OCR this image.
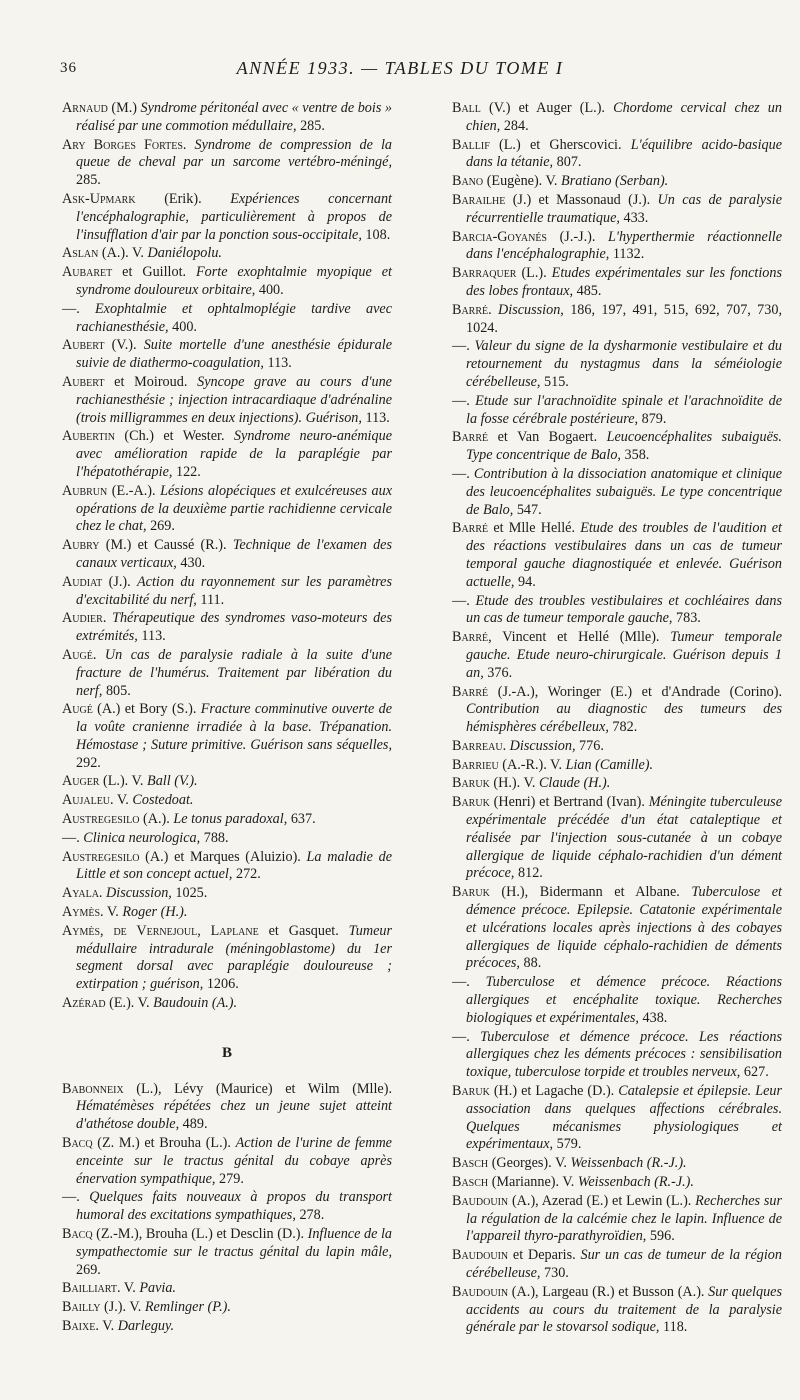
36	ANNÉE 1933. — TABLES DU TOME I

Arnaud (M.) Syndrome péritonéal avec « ventre de bois » réalisé par une commotion médullaire, 285.

Ary Borges Fortes. Syndrome de compression de la queue de cheval par un sarcome vertébro-méningé, 285.

Ask-Upmark (Erik). Expériences concernant l'encéphalographie, particulièrement à propos de l'insufflation d'air par la ponction sous-occipitale, 108.

Aslan (A.). V. Daniélopolu.

Aubaret et Guillot. Forte exophtalmie myopique et syndrome douloureux orbitaire, 400.

—. Exophtalmie et ophtalmoplégie tardive avec rachianesthésie, 400.

Aubert (V.). Suite mortelle d'une anesthésie épidurale suivie de diathermo-coagulation, 113.

Aubert et Moiroud. Syncope grave au cours d'une rachianesthésie ; injection intracardiaque d'adrénaline (trois milligrammes en deux injections). Guérison, 113.

Aubertin (Ch.) et Wester. Syndrome neuro-anémique avec amélioration rapide de la paraplégie par l'hépatothérapie, 122.

Aubrun (E.-A.). Lésions alopéciques et exulcéreuses aux opérations de la deuxième partie rachidienne cervicale chez le chat, 269.

Aubry (M.) et Caussé (R.). Technique de l'examen des canaux verticaux, 430.

Audiat (J.). Action du rayonnement sur les paramètres d'excitabilité du nerf, 111.

Audier. Thérapeutique des syndromes vaso-moteurs des extrémités, 113.

Augé. Un cas de paralysie radiale à la suite d'une fracture de l'humérus. Traitement par libération du nerf, 805.

Augé (A.) et Bory (S.). Fracture comminutive ouverte de la voûte cranienne irradiée à la base. Trépanation. Hémostase ; Suture primitive. Guérison sans séquelles, 292.

Auger (L.). V. Ball (V.).

Aujaleu. V. Costedoat.

Austregesilo (A.). Le tonus paradoxal, 637.

—. Clinica neurologica, 788.

Austregesilo (A.) et Marques (Aluizio). La maladie de Little et son concept actuel, 272.

Ayala. Discussion, 1025.

Aymès. V. Roger (H.).

Aymès, de Vernejoul, Laplane et Gasquet. Tumeur médullaire intradurale (méningoblastome) du 1er segment dorsal avec paraplégie douloureuse ; extirpation ; guérison, 1206.

Azérad (E.). V. Baudouin (A.).

B

Babonneix (L.), Lévy (Maurice) et Wilm (Mlle). Hématémèses répétées chez un jeune sujet atteint d'athétose double, 489.

Bacq (Z. M.) et Brouha (L.). Action de l'urine de femme enceinte sur le tractus génital du cobaye après énervation sympathique, 279.

—. Quelques faits nouveaux à propos du transport humoral des excitations sympathiques, 278.

Bacq (Z.-M.), Brouha (L.) et Desclin (D.). Influence de la sympathectomie sur le tractus génital du lapin mâle, 269.

Bailliart. V. Pavia.

Bailly (J.). V. Remlinger (P.).

Baixe. V. Darleguy.

Ball (V.) et Auger (L.). Chordome cervical chez un chien, 284.

Ballif (L.) et Gherscovici. L'équilibre acido-basique dans la tétanie, 807.

Bano (Eugène). V. Bratiano (Serban).

Barailhe (J.) et Massonaud (J.). Un cas de paralysie récurrentielle traumatique, 433.

Barcia-Goyanés (J.-J.). L'hyperthermie réactionnelle dans l'encéphalographie, 1132.

Barraquer (L.). Etudes expérimentales sur les fonctions des lobes frontaux, 485.

Barré. Discussion, 186, 197, 491, 515, 692, 707, 730, 1024.

—. Valeur du signe de la dysharmonie vestibulaire et du retournement du nystagmus dans la séméiologie cérébelleuse, 515.

—. Etude sur l'arachnoïdite spinale et l'arachnoïdite de la fosse cérébrale postérieure, 879.

Barré et Van Bogaert. Leucoencéphalites subaiguës. Type concentrique de Balo, 358.

—. Contribution à la dissociation anatomique et clinique des leucoencéphalites subaiguës. Le type concentrique de Balo, 547.

Barré et Mlle Hellé. Etude des troubles de l'audition et des réactions vestibulaires dans un cas de tumeur temporal gauche diagnostiquée et enlevée. Guérison actuelle, 94.

—. Etude des troubles vestibulaires et cochléaires dans un cas de tumeur temporale gauche, 783.

Barré, Vincent et Hellé (Mlle). Tumeur temporale gauche. Etude neuro-chirurgicale. Guérison depuis 1 an, 376.

Barré (J.-A.), Woringer (E.) et d'Andrade (Corino). Contribution au diagnostic des tumeurs des hémisphères cérébelleux, 782.

Barreau. Discussion, 776.

Barrieu (A.-R.). V. Lian (Camille).

Baruk (H.). V. Claude (H.).

Baruk (Henri) et Bertrand (Ivan). Méningite tuberculeuse expérimentale précédée d'un état cataleptique et réalisée par l'injection sous-cutanée à un cobaye allergique de liquide céphalo-rachidien d'un dément précoce, 812.

Baruk (H.), Bidermann et Albane. Tuberculose et démence précoce. Epilepsie. Catatonie expérimentale et ulcérations locales après injections à des cobayes allergiques de liquide céphalo-rachidien de déments précoces, 88.

—. Tuberculose et démence précoce. Réactions allergiques et encéphalite toxique. Recherches biologiques et expérimentales, 438.

—. Tuberculose et démence précoce. Les réactions allergiques chez les déments précoces : sensibilisation toxique, tuberculose torpide et troubles nerveux, 627.

Baruk (H.) et Lagache (D.). Catalepsie et épilepsie. Leur association dans quelques affections cérébrales. Quelques mécanismes physiologiques et expérimentaux, 579.

Basch (Georges). V. Weissenbach (R.-J.).

Basch (Marianne). V. Weissenbach (R.-J.).

Baudouin (A.), Azerad (E.) et Lewin (L.). Recherches sur la régulation de la calcémie chez le lapin. Influence de l'appareil thyro-parathyroïdien, 596.

Baudouin et Deparis. Sur un cas de tumeur de la région cérébelleuse, 730.

Baudouin (A.), Largeau (R.) et Busson (A.). Sur quelques accidents au cours du traitement de la paralysie générale par le stovarsol sodique, 118.
